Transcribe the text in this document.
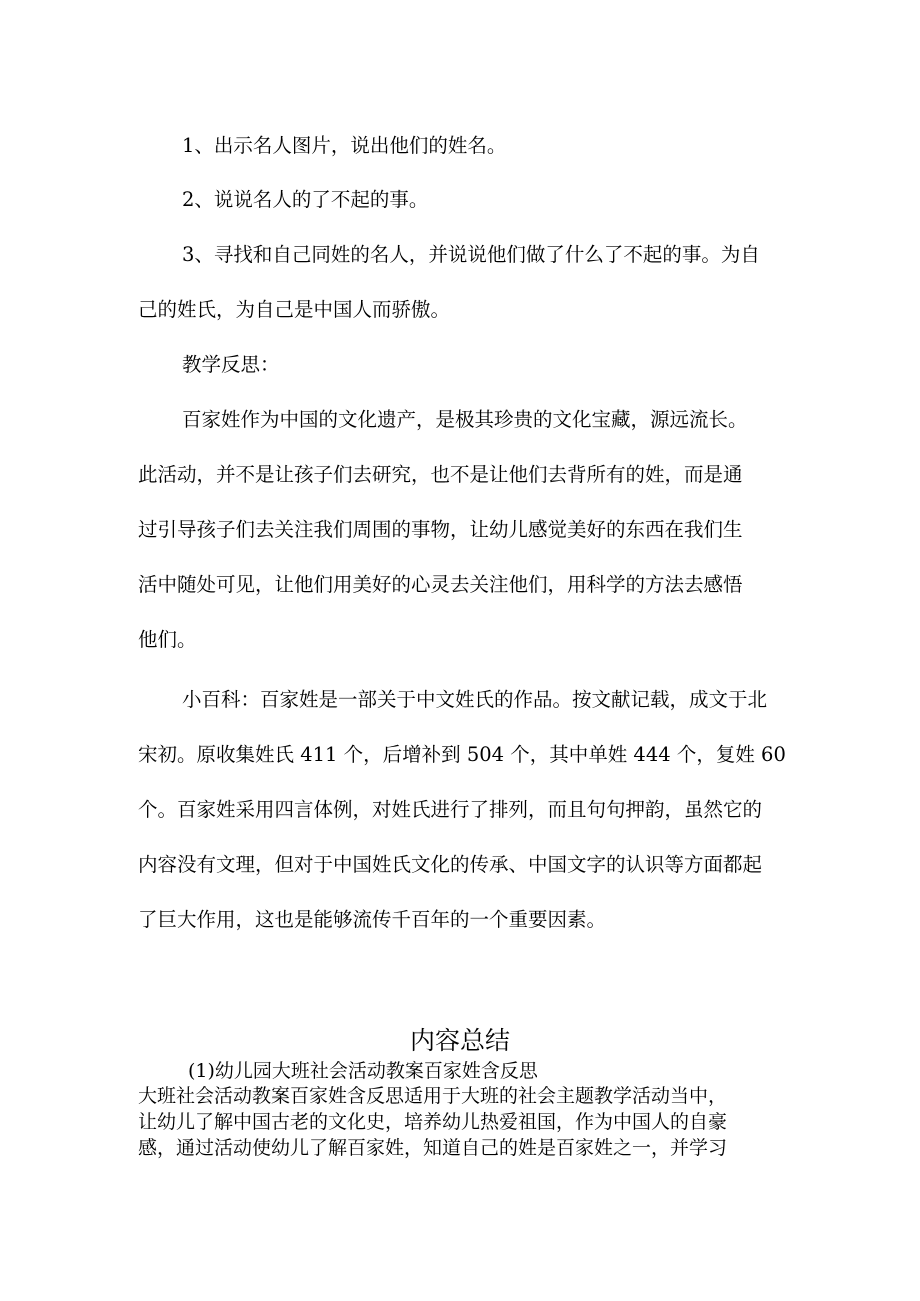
1、出示名人图片，说出他们的姓名。

2、说说名人的了不起的事。

3、寻找和自己同姓的名人，并说说他们做了什么了不起的事。为自

己的姓氏，为自己是中国人而骄傲。

教学反思：

百家姓作为中国的文化遗产，是极其珍贵的文化宝藏，源远流长。

此活动，并不是让孩子们去研究，也不是让他们去背所有的姓，而是通

过引导孩子们去关注我们周围的事物，让幼儿感觉美好的东西在我们生

活中随处可见，让他们用美好的心灵去关注他们，用科学的方法去感悟

他们。

小百科：百家姓是一部关于中文姓氏的作品。按文献记载，成文于北

宋初。原收集姓氏 411 个，后增补到 504 个，其中单姓 444 个，复姓 60

个。百家姓采用四言体例，对姓氏进行了排列，而且句句押韵，虽然它的

内容没有文理，但对于中国姓氏文化的传承、中国文字的认识等方面都起

了巨大作用，这也是能够流传千百年的一个重要因素。

内容总结

(1)幼儿园大班社会活动教案百家姓含反思

大班社会活动教案百家姓含反思适用于大班的社会主题教学活动当中，

让幼儿了解中国古老的文化史，培养幼儿热爱祖国，作为中国人的自豪

感，通过活动使幼儿了解百家姓，知道自己的姓是百家姓之一，并学习
